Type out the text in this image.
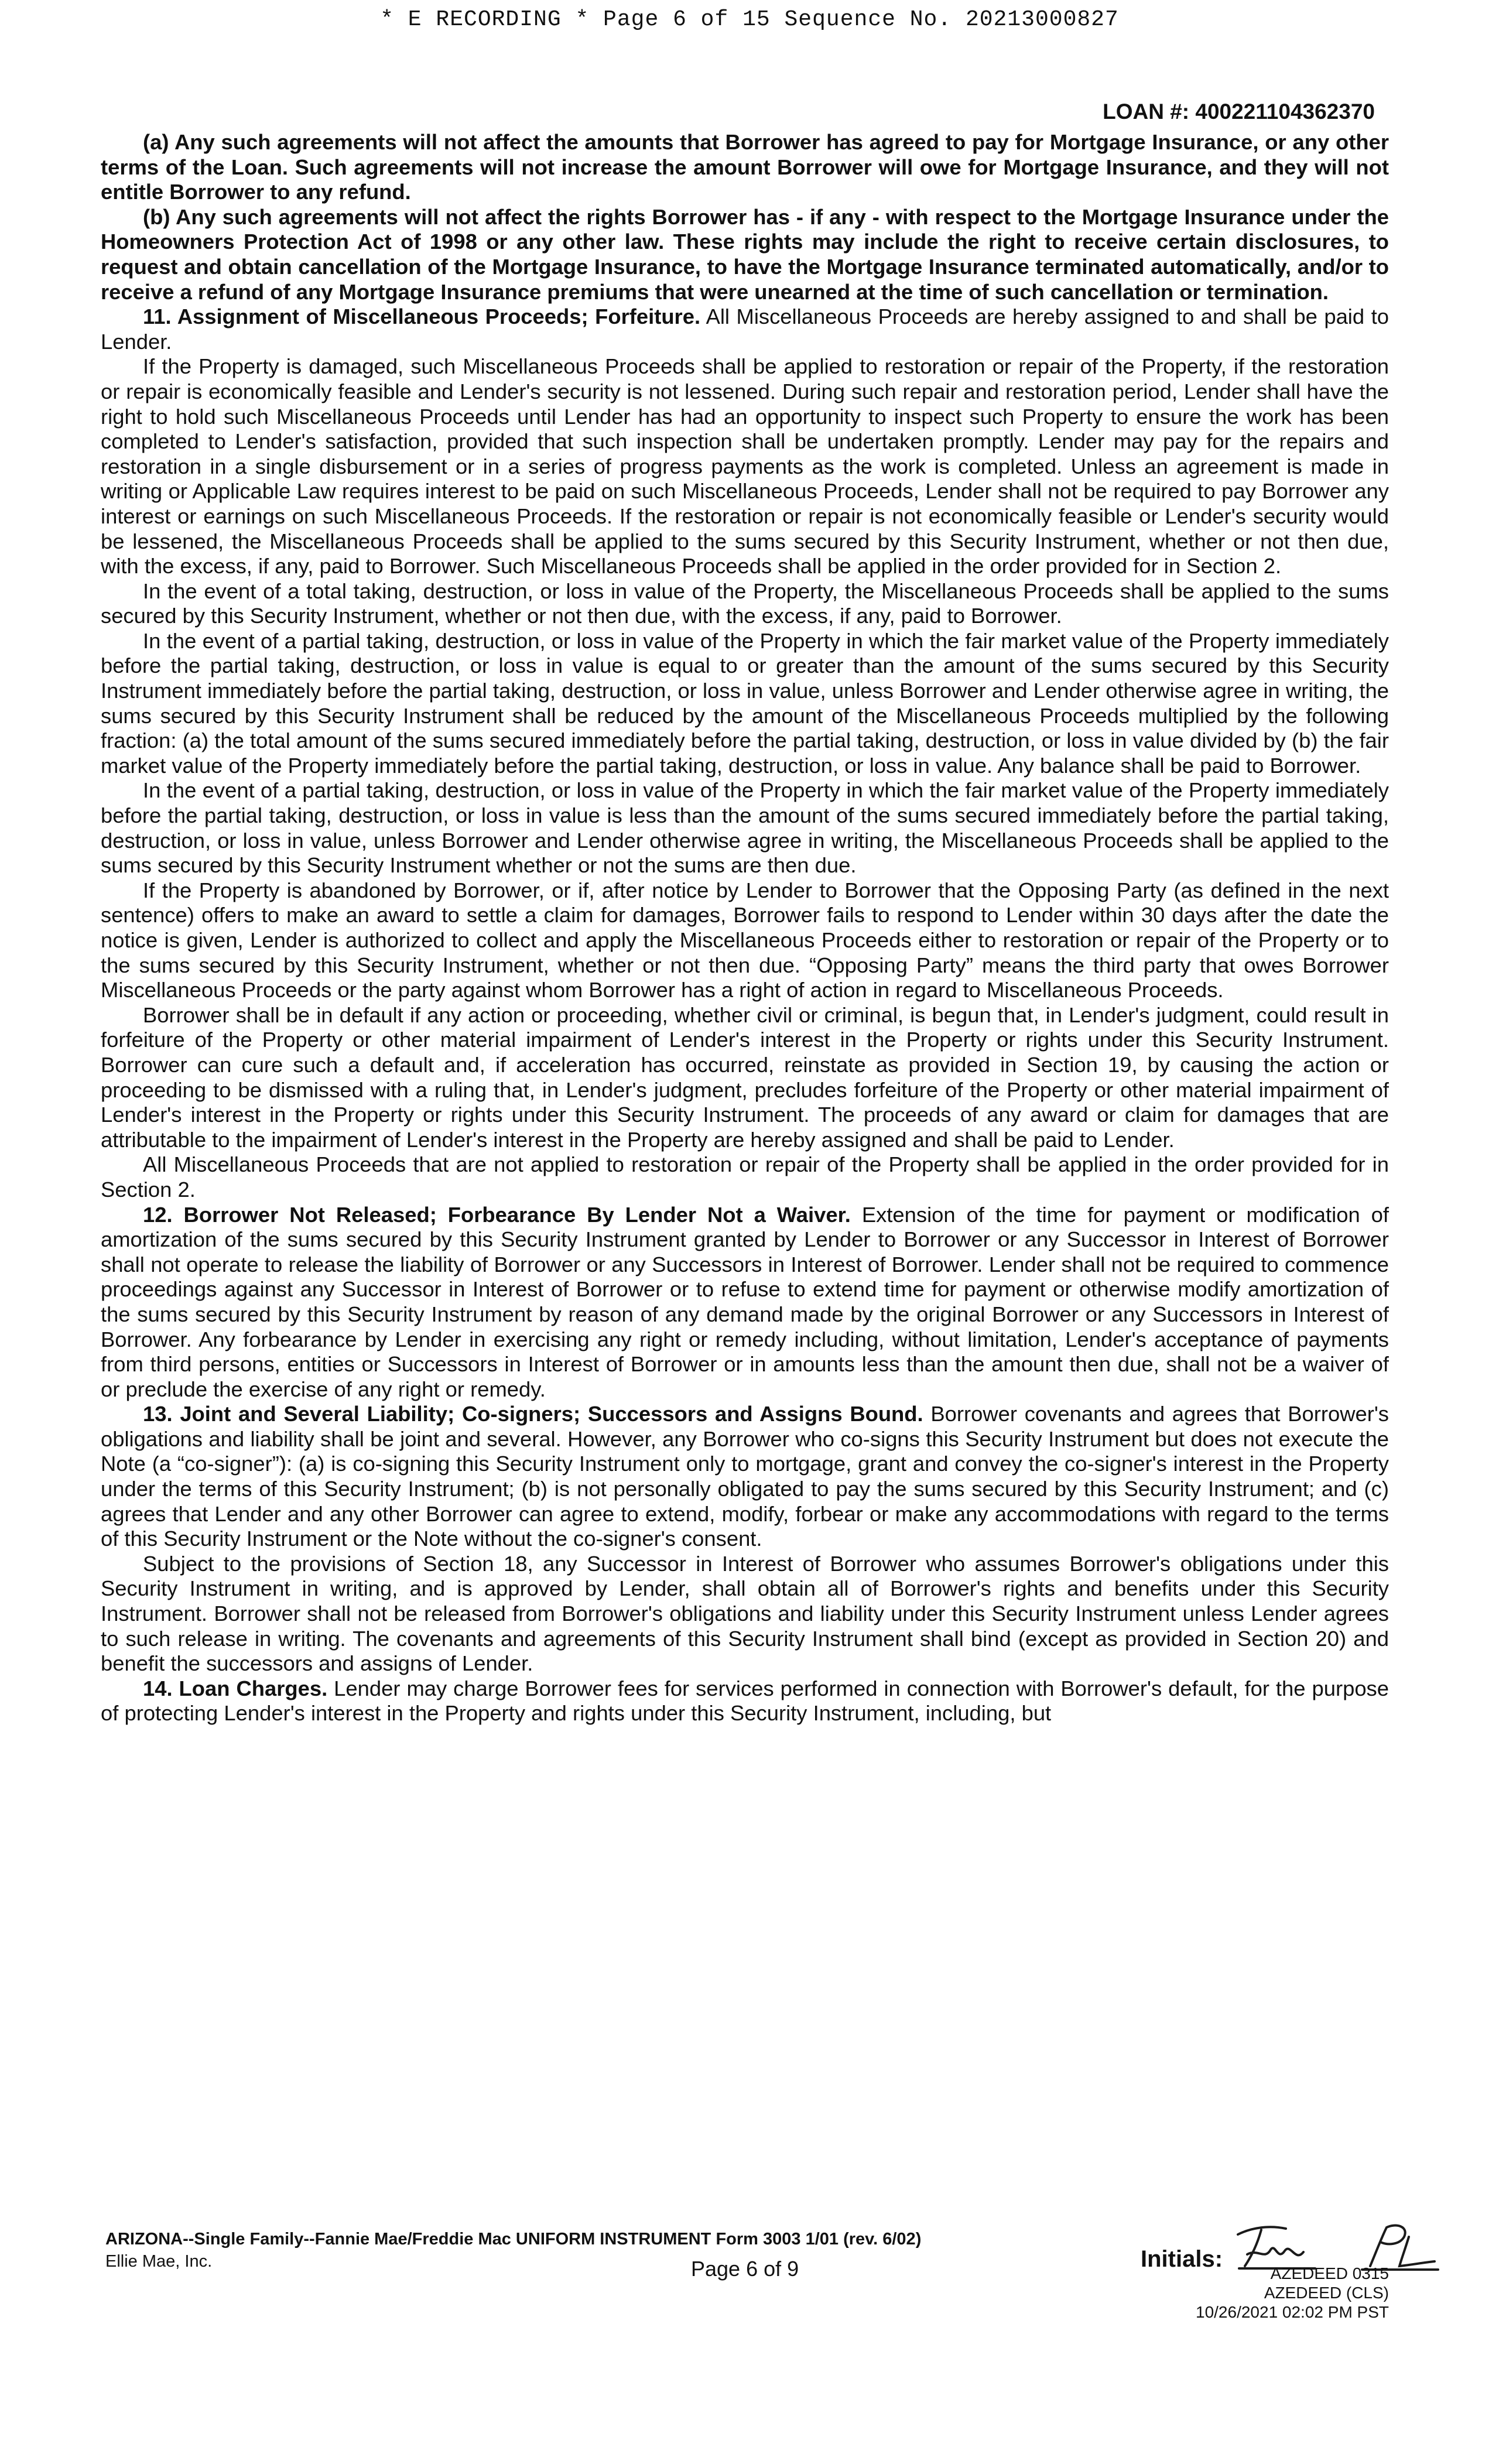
* E RECORDING * Page 6 of 15 Sequence No. 20213000827
LOAN #: 400221104362370

(a) Any such agreements will not affect the amounts that Borrower has agreed to pay for Mortgage Insurance, or any other terms of the Loan. Such agreements will not increase the amount Borrower will owe for Mortgage Insurance, and they will not entitle Borrower to any refund.

(b) Any such agreements will not affect the rights Borrower has - if any - with respect to the Mortgage Insurance under the Homeowners Protection Act of 1998 or any other law. These rights may include the right to receive certain disclosures, to request and obtain cancellation of the Mortgage Insurance, to have the Mortgage Insurance terminated automatically, and/or to receive a refund of any Mortgage Insurance premiums that were unearned at the time of such cancellation or termination.

11. Assignment of Miscellaneous Proceeds; Forfeiture. All Miscellaneous Proceeds are hereby assigned to and shall be paid to Lender.

If the Property is damaged, such Miscellaneous Proceeds shall be applied to restoration or repair of the Property, if the restoration or repair is economically feasible and Lender's security is not lessened. During such repair and restoration period, Lender shall have the right to hold such Miscellaneous Proceeds until Lender has had an opportunity to inspect such Property to ensure the work has been completed to Lender's satisfaction, provided that such inspection shall be undertaken promptly. Lender may pay for the repairs and restoration in a single disbursement or in a series of progress payments as the work is completed. Unless an agreement is made in writing or Applicable Law requires interest to be paid on such Miscellaneous Proceeds, Lender shall not be required to pay Borrower any interest or earnings on such Miscellaneous Proceeds. If the restoration or repair is not economically feasible or Lender's security would be lessened, the Miscellaneous Proceeds shall be applied to the sums secured by this Security Instrument, whether or not then due, with the excess, if any, paid to Borrower. Such Miscellaneous Proceeds shall be applied in the order provided for in Section 2.

In the event of a total taking, destruction, or loss in value of the Property, the Miscellaneous Proceeds shall be applied to the sums secured by this Security Instrument, whether or not then due, with the excess, if any, paid to Borrower.

In the event of a partial taking, destruction, or loss in value of the Property in which the fair market value of the Property immediately before the partial taking, destruction, or loss in value is equal to or greater than the amount of the sums secured by this Security Instrument immediately before the partial taking, destruction, or loss in value, unless Borrower and Lender otherwise agree in writing, the sums secured by this Security Instrument shall be reduced by the amount of the Miscellaneous Proceeds multiplied by the following fraction: (a) the total amount of the sums secured immediately before the partial taking, destruction, or loss in value divided by (b) the fair market value of the Property immediately before the partial taking, destruction, or loss in value. Any balance shall be paid to Borrower.

In the event of a partial taking, destruction, or loss in value of the Property in which the fair market value of the Property immediately before the partial taking, destruction, or loss in value is less than the amount of the sums secured immediately before the partial taking, destruction, or loss in value, unless Borrower and Lender otherwise agree in writing, the Miscellaneous Proceeds shall be applied to the sums secured by this Security Instrument whether or not the sums are then due.

If the Property is abandoned by Borrower, or if, after notice by Lender to Borrower that the Opposing Party (as defined in the next sentence) offers to make an award to settle a claim for damages, Borrower fails to respond to Lender within 30 days after the date the notice is given, Lender is authorized to collect and apply the Miscellaneous Proceeds either to restoration or repair of the Property or to the sums secured by this Security Instrument, whether or not then due. “Opposing Party” means the third party that owes Borrower Miscellaneous Proceeds or the party against whom Borrower has a right of action in regard to Miscellaneous Proceeds.

Borrower shall be in default if any action or proceeding, whether civil or criminal, is begun that, in Lender's judgment, could result in forfeiture of the Property or other material impairment of Lender's interest in the Property or rights under this Security Instrument. Borrower can cure such a default and, if acceleration has occurred, reinstate as provided in Section 19, by causing the action or proceeding to be dismissed with a ruling that, in Lender's judgment, precludes forfeiture of the Property or other material impairment of Lender's interest in the Property or rights under this Security Instrument. The proceeds of any award or claim for damages that are attributable to the impairment of Lender's interest in the Property are hereby assigned and shall be paid to Lender.

All Miscellaneous Proceeds that are not applied to restoration or repair of the Property shall be applied in the order provided for in Section 2.

12. Borrower Not Released; Forbearance By Lender Not a Waiver. Extension of the time for payment or modification of amortization of the sums secured by this Security Instrument granted by Lender to Borrower or any Successor in Interest of Borrower shall not operate to release the liability of Borrower or any Successors in Interest of Borrower. Lender shall not be required to commence proceedings against any Successor in Interest of Borrower or to refuse to extend time for payment or otherwise modify amortization of the sums secured by this Security Instrument by reason of any demand made by the original Borrower or any Successors in Interest of Borrower. Any forbearance by Lender in exercising any right or remedy including, without limitation, Lender's acceptance of payments from third persons, entities or Successors in Interest of Borrower or in amounts less than the amount then due, shall not be a waiver of or preclude the exercise of any right or remedy.

13. Joint and Several Liability; Co-signers; Successors and Assigns Bound. Borrower covenants and agrees that Borrower's obligations and liability shall be joint and several. However, any Borrower who co-signs this Security Instrument but does not execute the Note (a “co-signer”): (a) is co-signing this Security Instrument only to mortgage, grant and convey the co-signer's interest in the Property under the terms of this Security Instrument; (b) is not personally obligated to pay the sums secured by this Security Instrument; and (c) agrees that Lender and any other Borrower can agree to extend, modify, forbear or make any accommodations with regard to the terms of this Security Instrument or the Note without the co-signer's consent.

Subject to the provisions of Section 18, any Successor in Interest of Borrower who assumes Borrower's obligations under this Security Instrument in writing, and is approved by Lender, shall obtain all of Borrower's rights and benefits under this Security Instrument. Borrower shall not be released from Borrower's obligations and liability under this Security Instrument unless Lender agrees to such release in writing. The covenants and agreements of this Security Instrument shall bind (except as provided in Section 20) and benefit the successors and assigns of Lender.

14. Loan Charges. Lender may charge Borrower fees for services performed in connection with Borrower's default, for the purpose of protecting Lender's interest in the Property and rights under this Security Instrument, including, but

ARIZONA--Single Family--Fannie Mae/Freddie Mac UNIFORM INSTRUMENT Form 3003 1/01 (rev. 6/02)
Ellie Mae, Inc.	Page 6 of 9	Initials:
AZEDEED 0315
AZEDEED (CLS)
10/26/2021 02:02 PM PST
